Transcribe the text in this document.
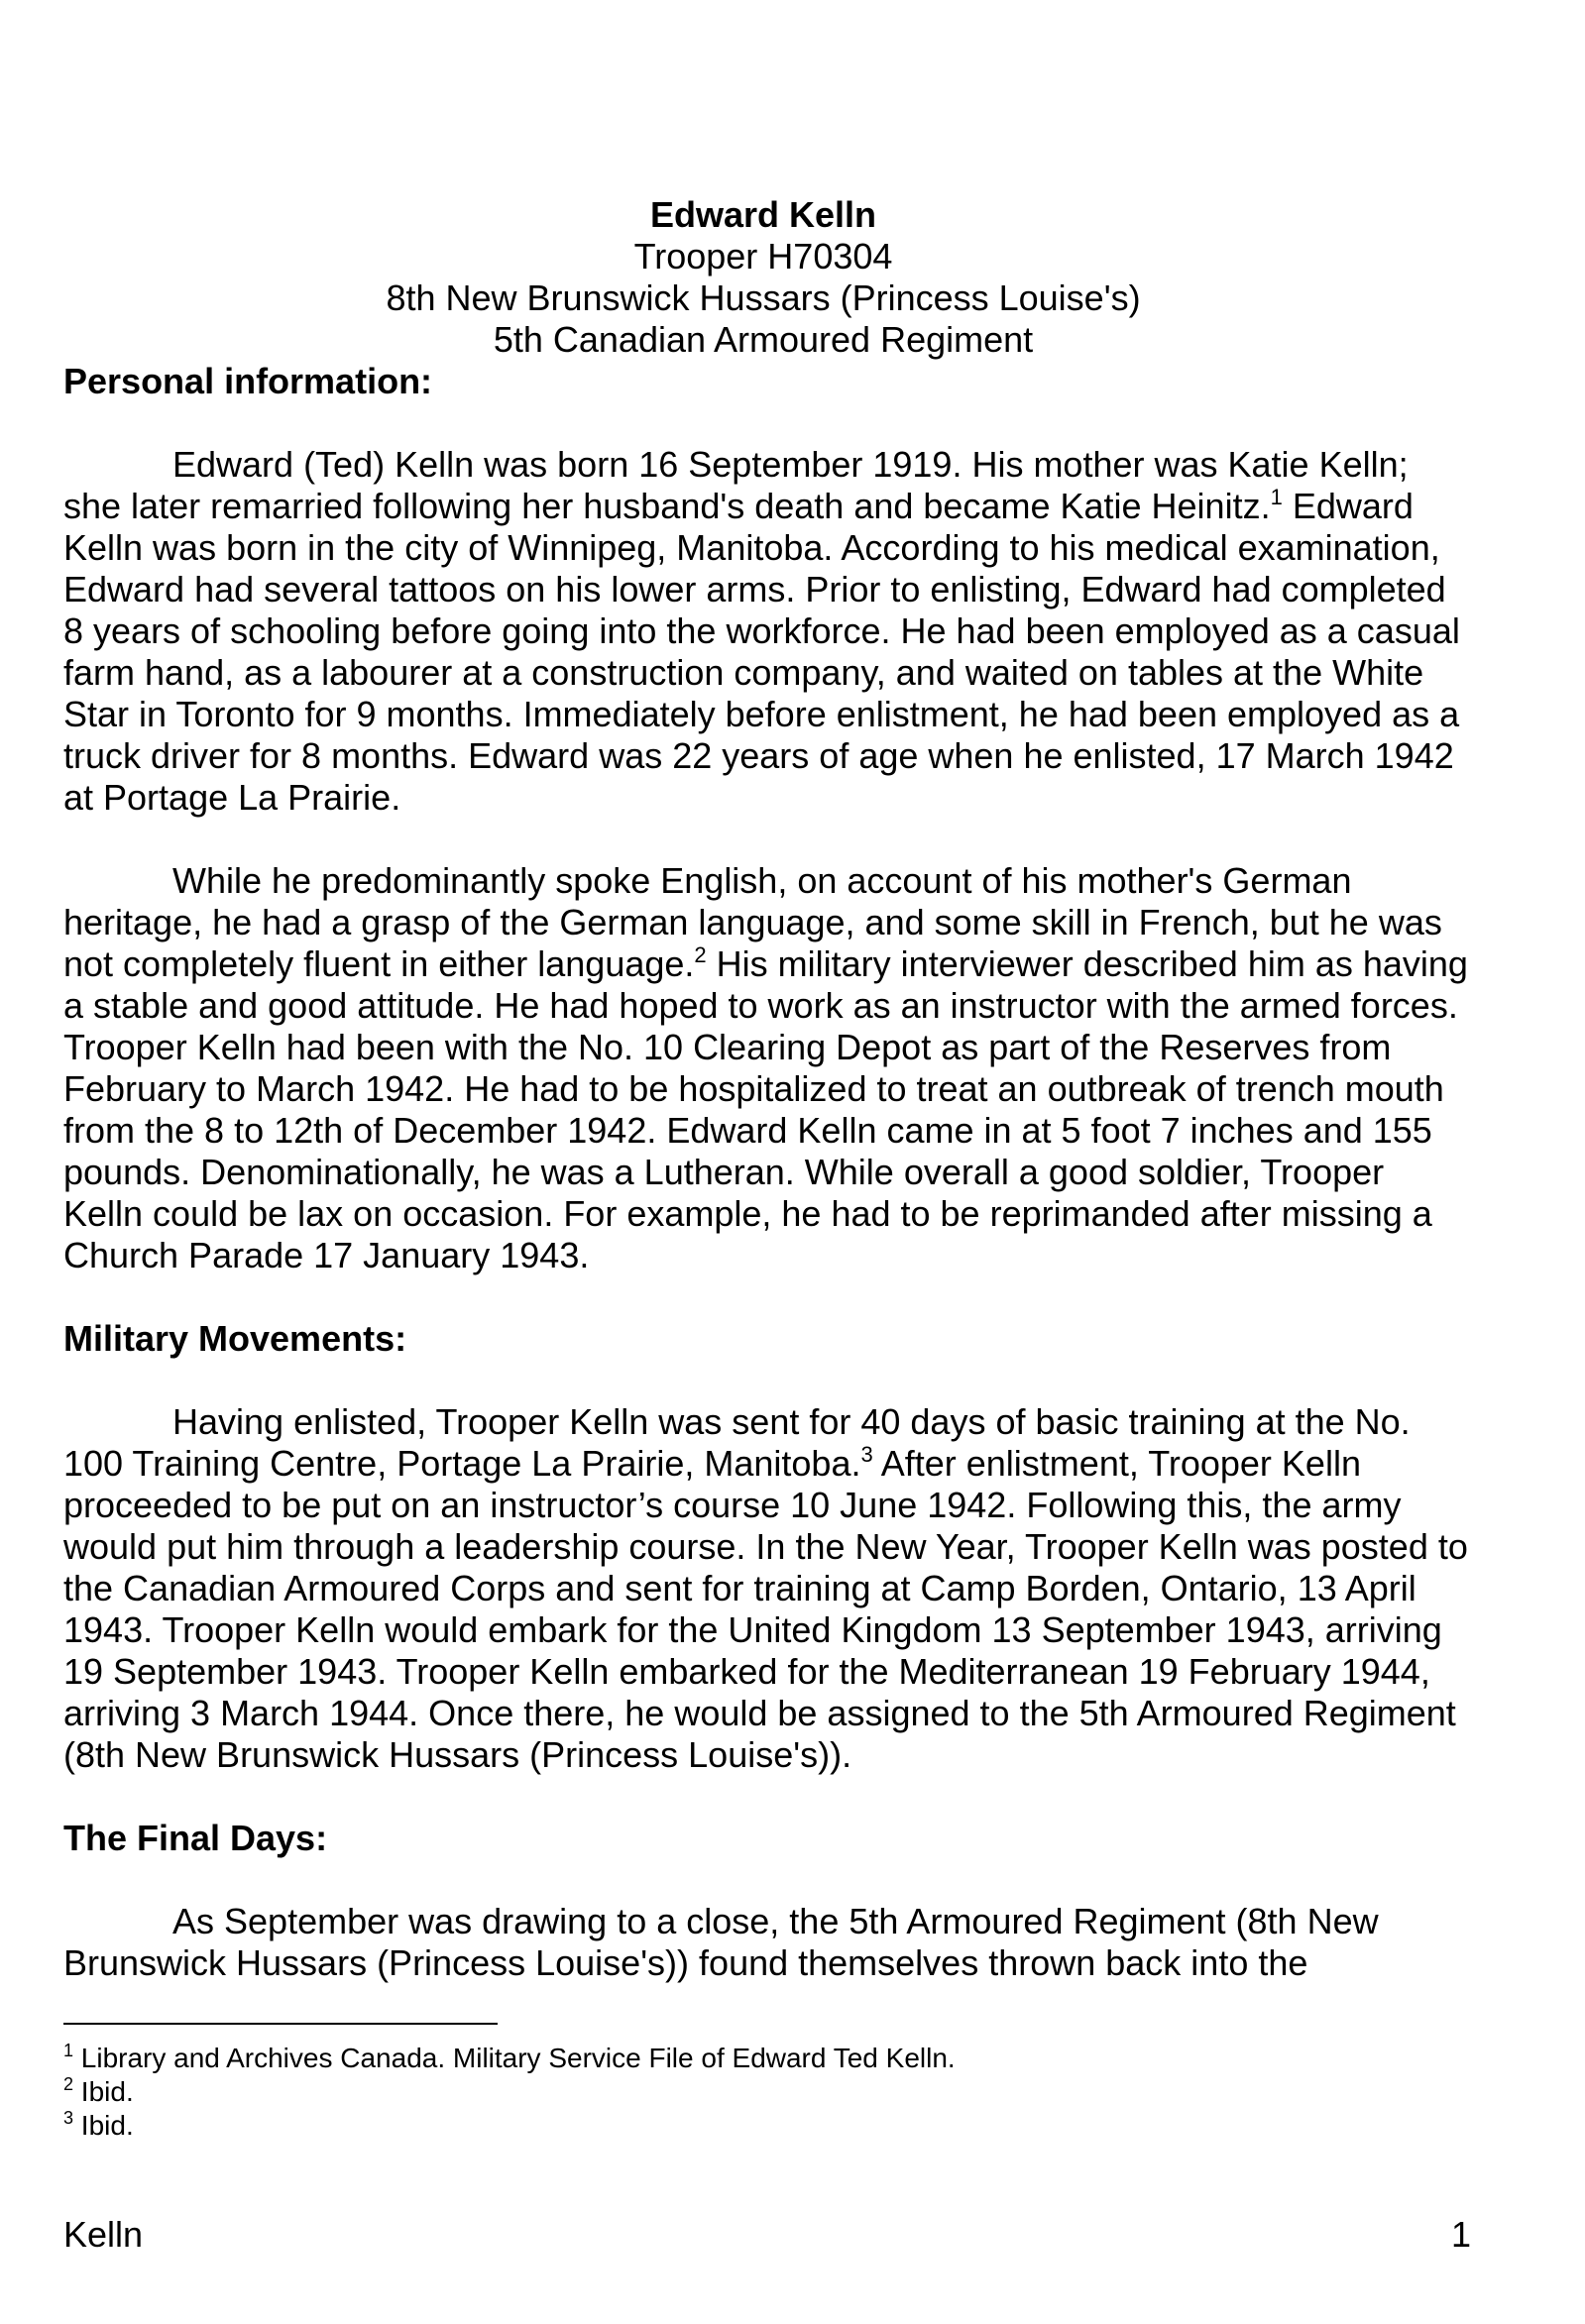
Edward Kelln
Trooper H70304
8th New Brunswick Hussars (Princess Louise's)
5th Canadian Armoured Regiment
Personal information:

Edward (Ted) Kelln was born 16 September 1919. His mother was Katie Kelln; she later remarried following her husband's death and became Katie Heinitz.$^1$ Edward Kelln was born in the city of Winnipeg, Manitoba. According to his medical examination, Edward had several tattoos on his lower arms. Prior to enlisting, Edward had completed 8 years of schooling before going into the workforce. He had been employed as a casual farm hand, as a labourer at a construction company, and waited on tables at the White Star in Toronto for 9 months. Immediately before enlistment, he had been employed as a truck driver for 8 months. Edward was 22 years of age when he enlisted, 17 March 1942 at Portage La Prairie.

While he predominantly spoke English, on account of his mother's German heritage, he had a grasp of the German language, and some skill in French, but he was not completely fluent in either language.$^2$ His military interviewer described him as having a stable and good attitude. He had hoped to work as an instructor with the armed forces. Trooper Kelln had been with the No. 10 Clearing Depot as part of the Reserves from February to March 1942. He had to be hospitalized to treat an outbreak of trench mouth from the 8 to 12th of December 1942. Edward Kelln came in at 5 foot 7 inches and 155 pounds. Denominationally, he was a Lutheran. While overall a good soldier, Trooper Kelln could be lax on occasion. For example, he had to be reprimanded after missing a Church Parade 17 January 1943.

Military Movements:

Having enlisted, Trooper Kelln was sent for 40 days of basic training at the No. 100 Training Centre, Portage La Prairie, Manitoba.$^3$ After enlistment, Trooper Kelln proceeded to be put on an instructor’s course 10 June 1942. Following this, the army would put him through a leadership course. In the New Year, Trooper Kelln was posted to the Canadian Armoured Corps and sent for training at Camp Borden, Ontario, 13 April 1943. Trooper Kelln would embark for the United Kingdom 13 September 1943, arriving 19 September 1943. Trooper Kelln embarked for the Mediterranean 19 February 1944, arriving 3 March 1944. Once there, he would be assigned to the 5th Armoured Regiment (8th New Brunswick Hussars (Princess Louise's)).

The Final Days:

As September was drawing to a close, the 5th Armoured Regiment (8th New Brunswick Hussars (Princess Louise's)) found themselves thrown back into the

$^1$ Library and Archives Canada. Military Service File of Edward Ted Kelln.
$^2$ Ibid.
$^3$ Ibid.
Kelln	1
